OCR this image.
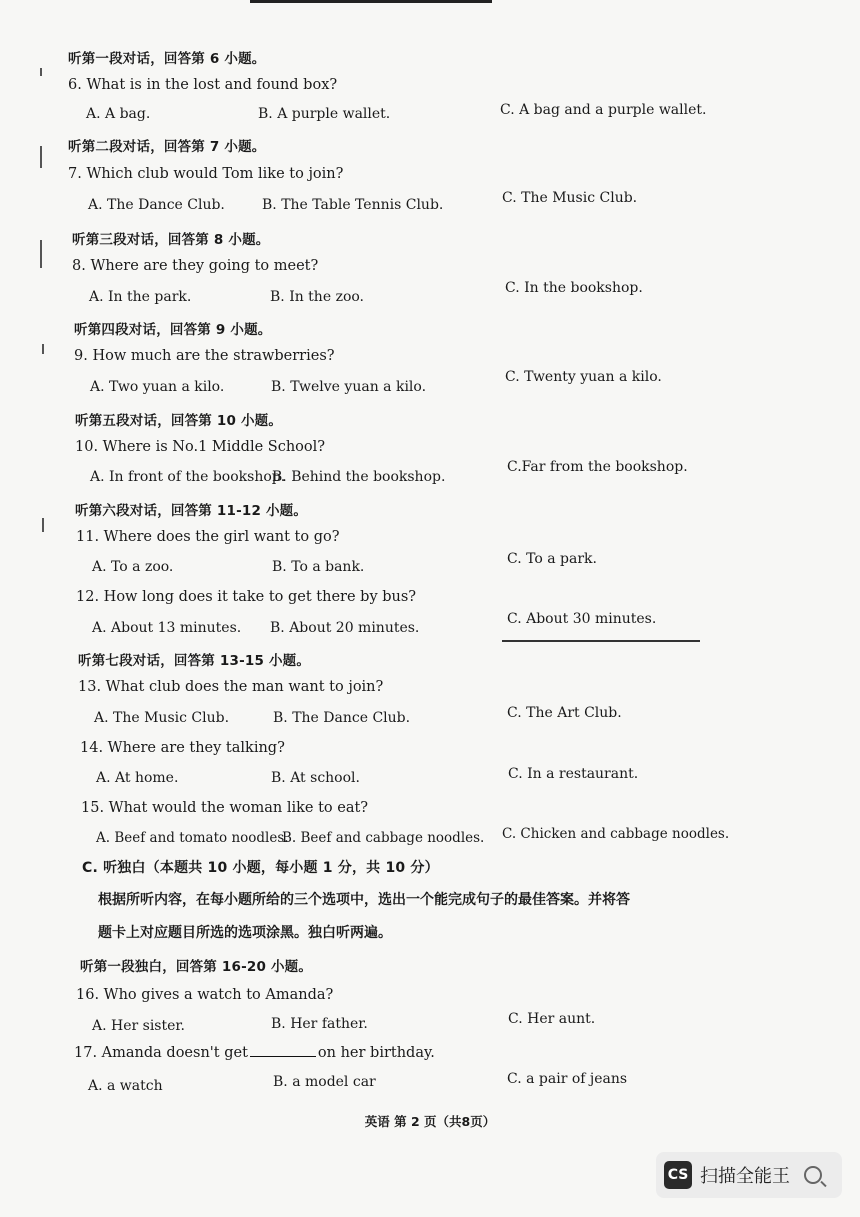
听第一段对话，回答第 6 小题。
6. What is in the lost and found box?
A. A bag.	B. A purple wallet.	C. A bag and a purple wallet.
听第二段对话，回答第 7 小题。
7. Which club would Tom like to join?
A. The Dance Club.	B. The Table Tennis Club.	C. The Music Club.
听第三段对话，回答第 8 小题。
8. Where are they going to meet?
A. In the park.	B. In the zoo.
C. In the bookshop.
听第四段对话，回答第 9 小题。
9. How much are the strawberries?
A. Two yuan a kilo.	B. Twelve yuan a kilo.
C. Twenty yuan a kilo.
听第五段对话，回答第 10 小题。
10. Where is No.1 Middle School?
A. In front of the bookshop.
B. Behind the bookshop.
C.Far from the bookshop.
听第六段对话，回答第 11-12 小题。
11. Where does the girl want to go?
A. To a zoo.	B. To a bank.	C. To a park.
12. How long does it take to get there by bus?
A. About 13 minutes. B. About 20 minutes.
C. About 30 minutes.
听第七段对话，回答第 13-15 小题。
13. What club does the man want to join?
A. The Music Club.	B. The Dance Club.	C. The Art Club.
14. Where are they talking?
A. At home.	B. At school.	C. In a restaurant.
15. What would the woman like to eat?
A. Beef and tomato noodles.
B. Beef and cabbage noodles. C. Chicken and cabbage noodles.
C. 听独白（本题共 10 小题，每小题 1 分，共 10 分）
根据所听内容，在每小题所给的三个选项中，选出一个能完成句子的最佳答案。并将答
题卡上对应题目所选的选项涂黑。独白听两遍。
听第一段独白，回答第 16-20 小题。
16. Who gives a watch to Amanda?
A. Her sister.	B. Her father.	C. Her aunt.
17. Amanda doesn't get	on her birthday.
A. a watch	B. a model car	C. a pair of jeans
英语 第 2 页（共8页）
CS 扫描全能王
